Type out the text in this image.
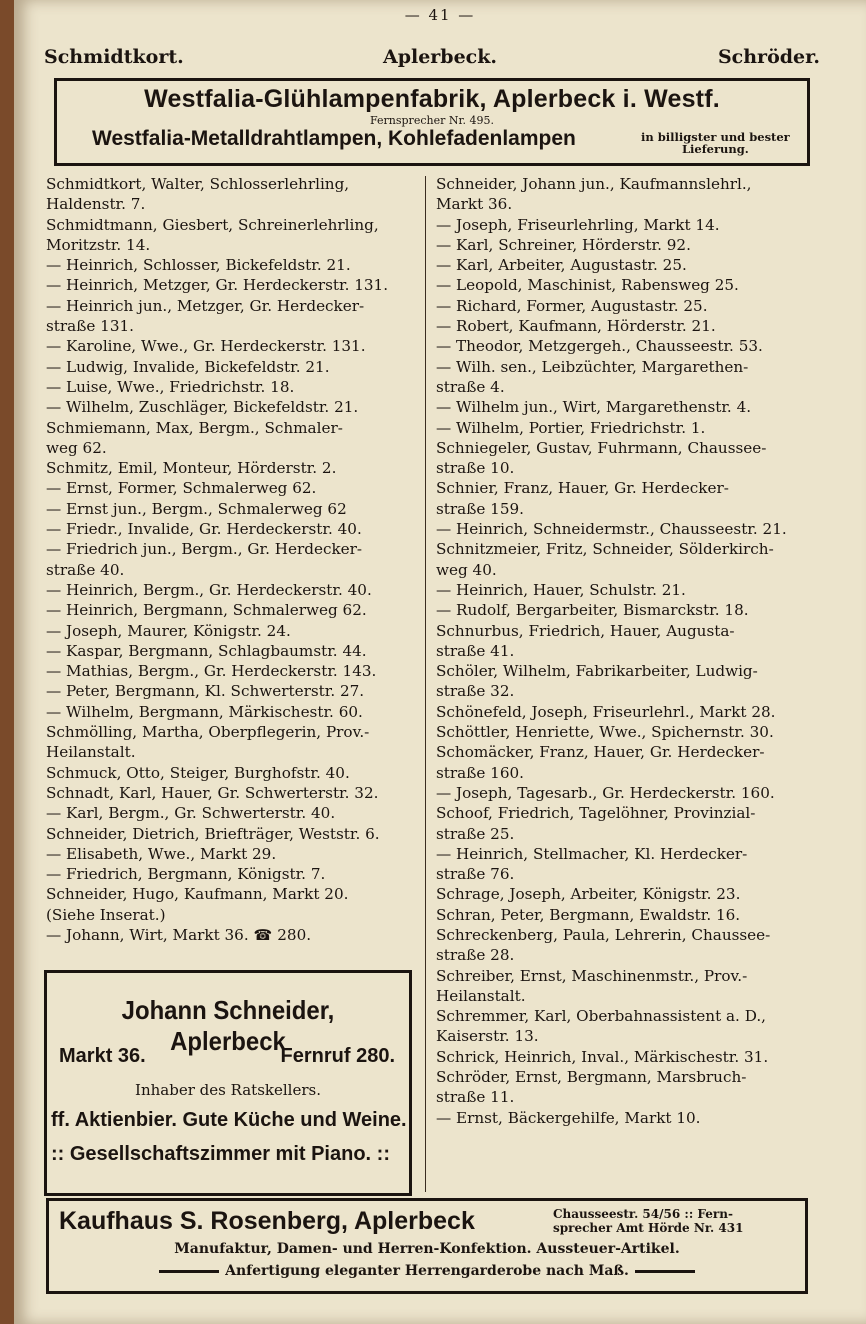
— 41 —
Schmidtkort.	Aplerbeck.	Schröder.
Westfalia-Glühlampenfabrik, Aplerbeck i. Westf.
Fernsprecher Nr. 495.
Westfalia-Metalldrahtlampen, Kohlefadenlampen	in billigster und bester
Lieferung.
Schmidtkort, Walter, Schlosserlehrling,
Haldenstr. 7.
Schmidtmann, Giesbert, Schreinerlehrling,
Moritzstr. 14.
— Heinrich, Schlosser, Bickefeldstr. 21.
— Heinrich, Metzger, Gr. Herdeckerstr. 131.
— Heinrich jun., Metzger, Gr. Herdecker-
straße 131.
— Karoline, Wwe., Gr. Herdeckerstr. 131.
— Ludwig, Invalide, Bickefeldstr. 21.
— Luise, Wwe., Friedrichstr. 18.
— Wilhelm, Zuschläger, Bickefeldstr. 21.
Schmiemann, Max, Bergm., Schmaler-
weg 62.
Schmitz, Emil, Monteur, Hörderstr. 2.
— Ernst, Former, Schmalerweg 62.
— Ernst jun., Bergm., Schmalerweg 62
— Friedr., Invalide, Gr. Herdeckerstr. 40.
— Friedrich jun., Bergm., Gr. Herdecker-
straße 40.
— Heinrich, Bergm., Gr. Herdeckerstr. 40.
— Heinrich, Bergmann, Schmalerweg 62.
— Joseph, Maurer, Königstr. 24.
— Kaspar, Bergmann, Schlagbaumstr. 44.
— Mathias, Bergm., Gr. Herdeckerstr. 143.
— Peter, Bergmann, Kl. Schwerterstr. 27.
— Wilhelm, Bergmann, Märkischestr. 60.
Schmölling, Martha, Oberpflegerin, Prov.-
Heilanstalt.
Schmuck, Otto, Steiger, Burghofstr. 40.
Schnadt, Karl, Hauer, Gr. Schwerterstr. 32.
— Karl, Bergm., Gr. Schwerterstr. 40.
Schneider, Dietrich, Briefträger, Weststr. 6.
— Elisabeth, Wwe., Markt 29.
— Friedrich, Bergmann, Königstr. 7.
Schneider, Hugo, Kaufmann, Markt 20.
(Siehe Inserat.)
— Johann, Wirt, Markt 36. ☎ 280.
Schneider, Johann jun., Kaufmannslehrl.,
Markt 36.
— Joseph, Friseurlehrling, Markt 14.
— Karl, Schreiner, Hörderstr. 92.
— Karl, Arbeiter, Augustastr. 25.
— Leopold, Maschinist, Rabensweg 25.
— Richard, Former, Augustastr. 25.
— Robert, Kaufmann, Hörderstr. 21.
— Theodor, Metzgergeh., Chausseestr. 53.
— Wilh. sen., Leibzüchter, Margarethen-
straße 4.
— Wilhelm jun., Wirt, Margarethenstr. 4.
— Wilhelm, Portier, Friedrichstr. 1.
Schniegeler, Gustav, Fuhrmann, Chaussee-
straße 10.
Schnier, Franz, Hauer, Gr. Herdecker-
straße 159.
— Heinrich, Schneidermstr., Chausseestr. 21.
Schnitzmeier, Fritz, Schneider, Sölderkirch-
weg 40.
— Heinrich, Hauer, Schulstr. 21.
— Rudolf, Bergarbeiter, Bismarckstr. 18.
Schnurbus, Friedrich, Hauer, Augusta-
straße 41.
Schöler, Wilhelm, Fabrikarbeiter, Ludwig-
straße 32.
Schönefeld, Joseph, Friseurlehrl., Markt 28.
Schöttler, Henriette, Wwe., Spichernstr. 30.
Schomäcker, Franz, Hauer, Gr. Herdecker-
straße 160.
— Joseph, Tagesarb., Gr. Herdeckerstr. 160.
Schoof, Friedrich, Tagelöhner, Provinzial-
straße 25.
— Heinrich, Stellmacher, Kl. Herdecker-
straße 76.
Schrage, Joseph, Arbeiter, Königstr. 23.
Schran, Peter, Bergmann, Ewaldstr. 16.
Schreckenberg, Paula, Lehrerin, Chaussee-
straße 28.
Schreiber, Ernst, Maschinenmstr., Prov.-
Heilanstalt.
Schremmer, Karl, Oberbahnassistent a. D.,
Kaiserstr. 13.
Schrick, Heinrich, Inval., Märkischestr. 31.
Schröder, Ernst, Bergmann, Marsbruch-
straße 11.
— Ernst, Bäckergehilfe, Markt 10.
Johann Schneider, Aplerbeck
Markt 36.	Fernruf 280.
Inhaber des Ratskellers.
ff. Aktienbier. Gute Küche und Weine.
:: Gesellschaftszimmer mit Piano. ::
Kaufhaus S. Rosenberg, Aplerbeck	Chausseestr. 54/56 :: Fern-
sprecher Amt Hörde Nr. 431
Manufaktur, Damen- und Herren-Konfektion. Aussteuer-Artikel.
Anfertigung eleganter Herrengarderobe nach Maß.
